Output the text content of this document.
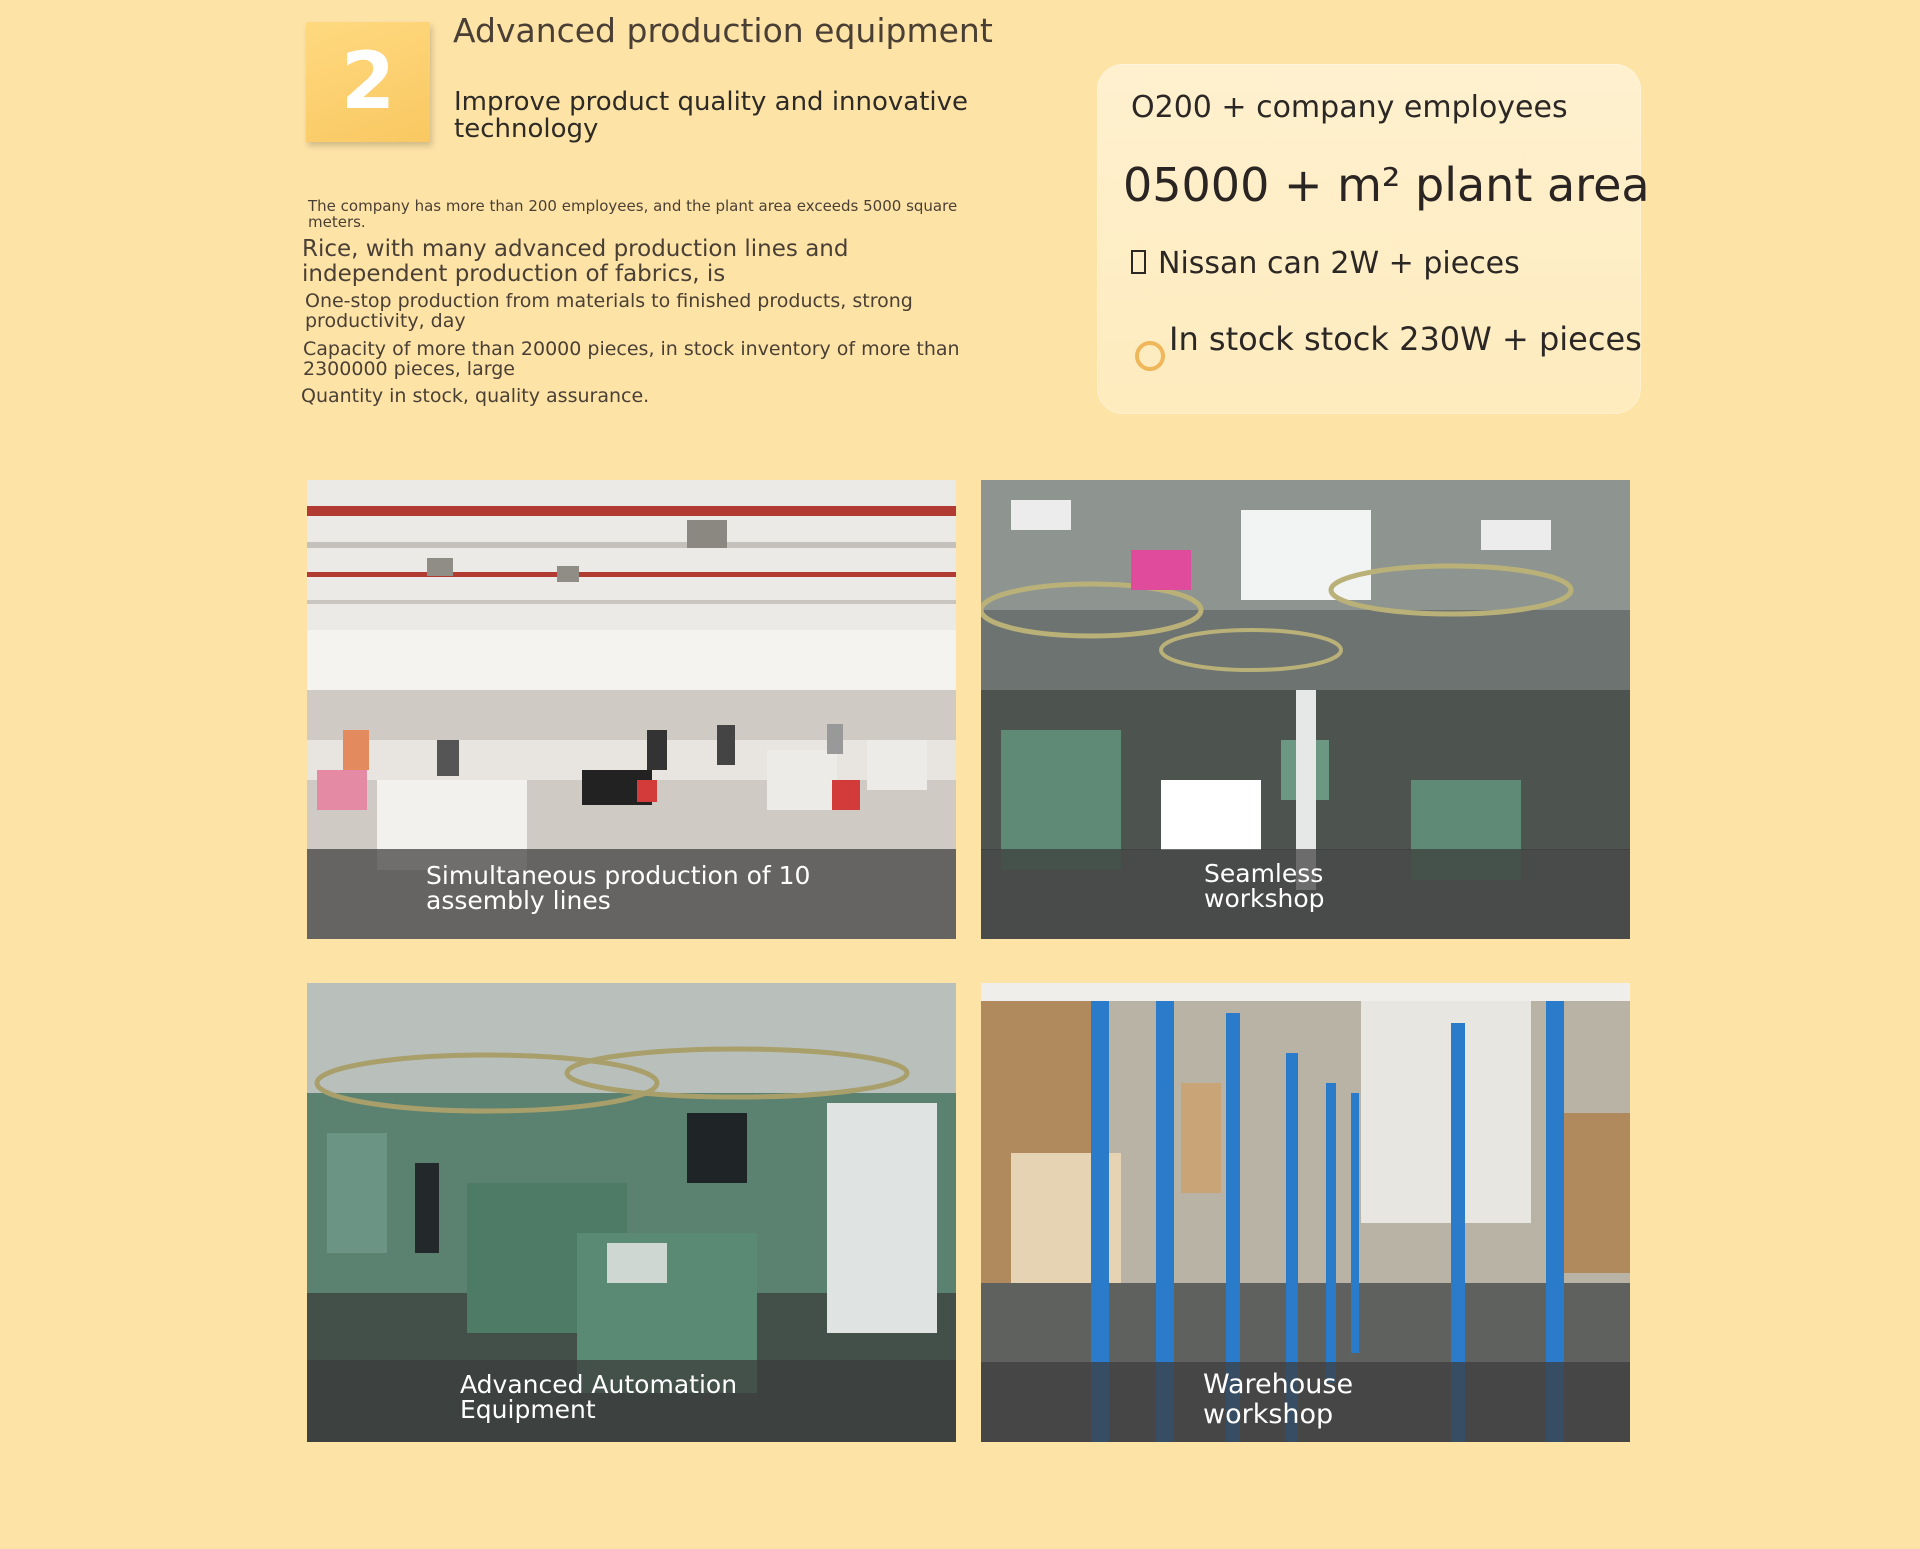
2
Advanced production equipment
Improve product quality and innovative technology
The company has more than 200 employees, and the plant area exceeds 5000 square meters.
Rice, with many advanced production lines and independent production of fabrics, is
One-stop production from materials to finished products, strong productivity, day
Capacity of more than 20000 pieces, in stock inventory of more than 2300000 pieces, large
Quantity in stock, quality assurance.
O200 + company employees
05000 + m² plant area
Nissan can 2W + pieces
In stock stock 230W + pieces
Simultaneous production of 10 assembly lines
Seamless workshop
Advanced Automation Equipment
Warehouse workshop
